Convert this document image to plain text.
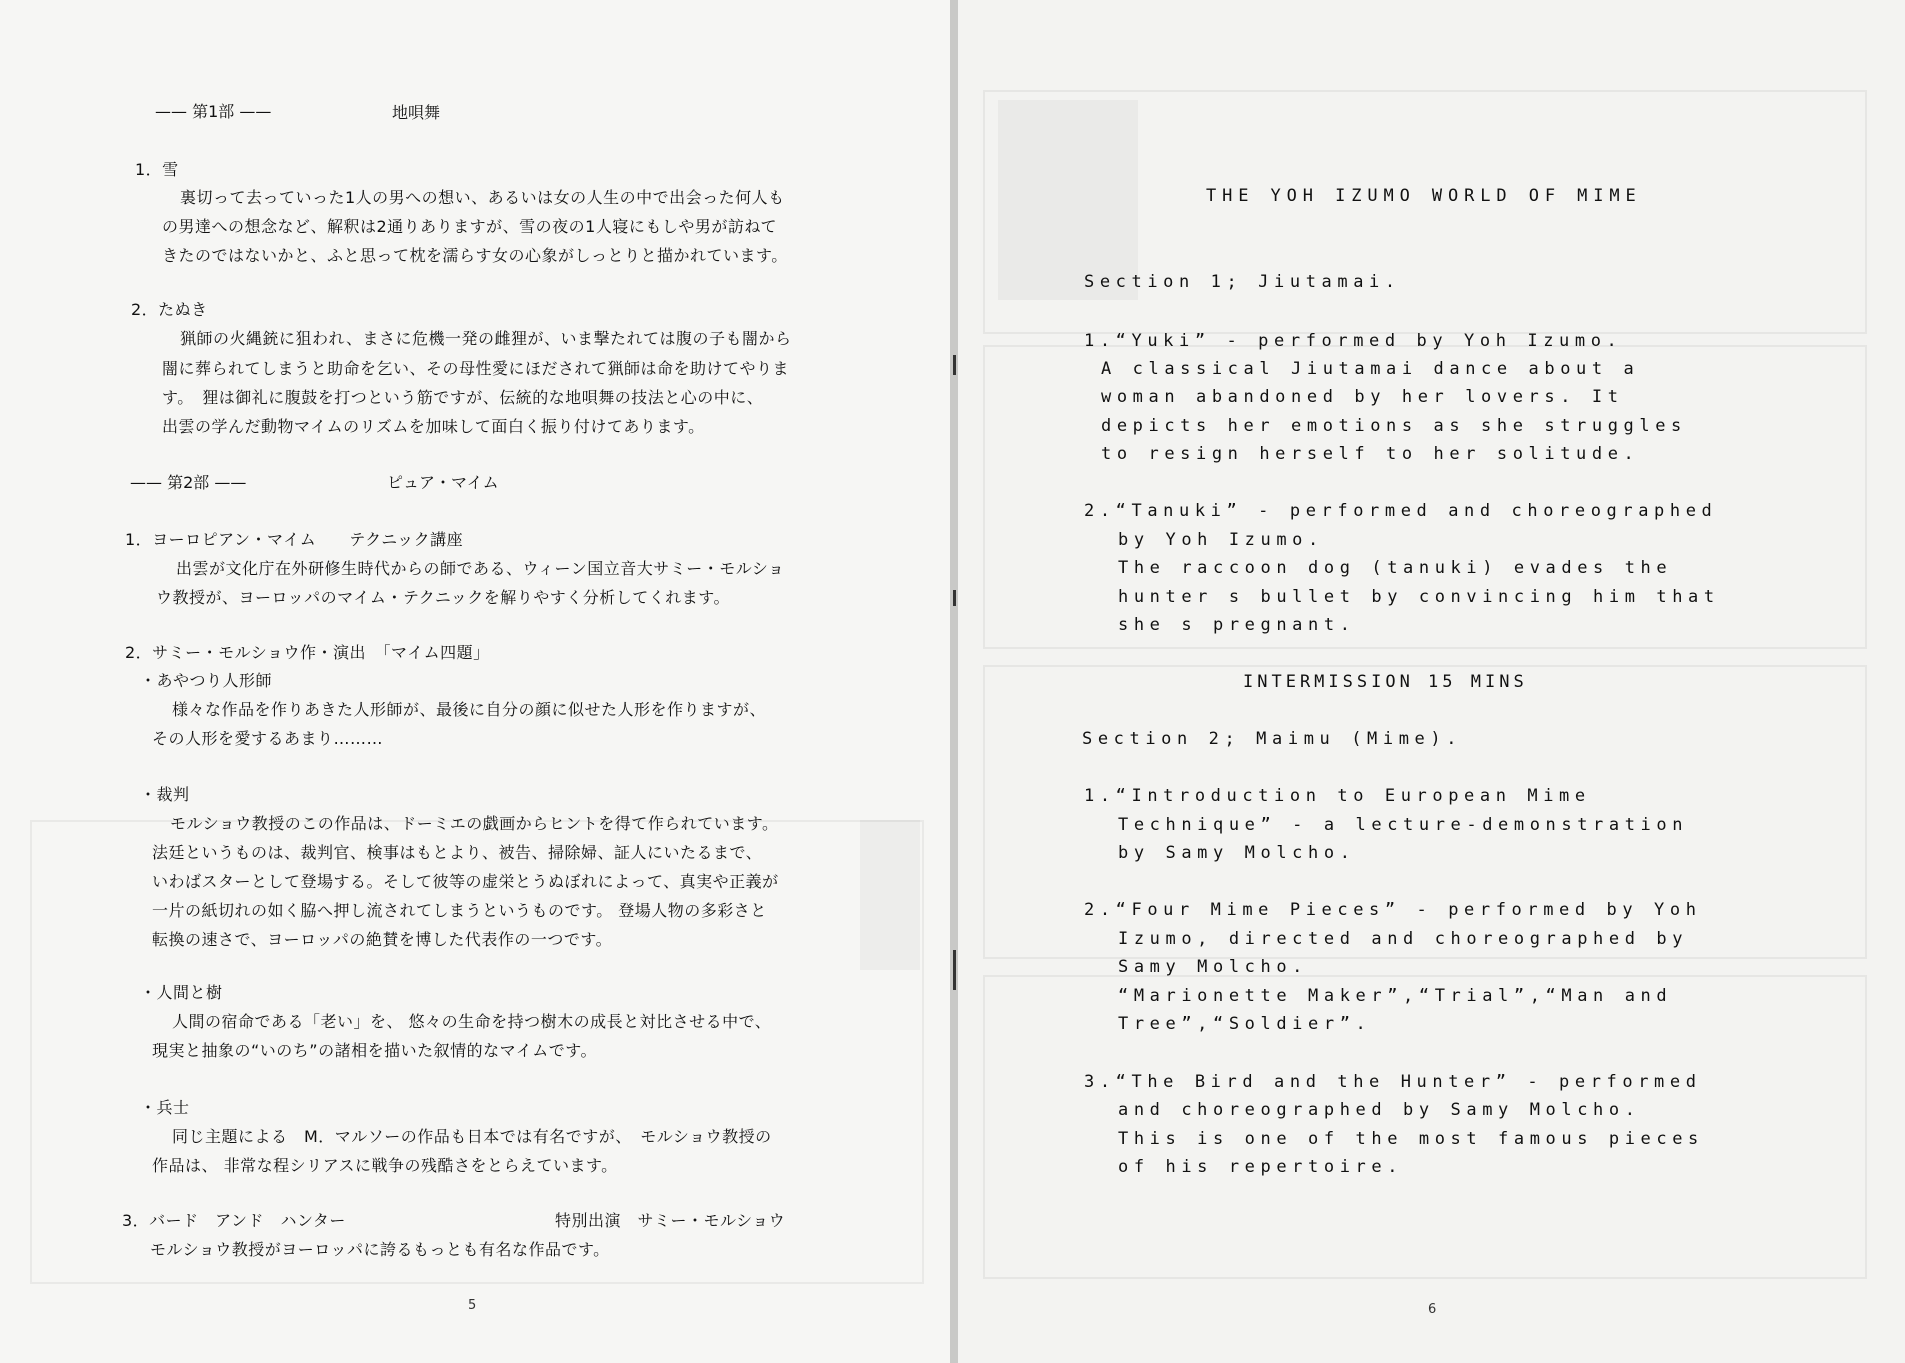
—— 第1部 ——	地唄舞
1．雪
裏切って去っていった1人の男への想い、あるいは女の人生の中で出会った何人も
の男達への想念など、解釈は2通りありますが、雪の夜の1人寝にもしや男が訪ねて
きたのではないかと、ふと思って枕を濡らす女の心象がしっとりと描かれています。
2．たぬき
猟師の火縄銃に狙われ、まさに危機一発の雌狸が、いま撃たれては腹の子も闇から
闇に葬られてしまうと助命を乞い、その母性愛にほだされて猟師は命を助けてやりま
す。　狸は御礼に腹鼓を打つという筋ですが、伝統的な地唄舞の技法と心の中に、
出雲の学んだ動物マイムのリズムを加味して面白く振り付けてあります。
—— 第2部 ——	ピュア・マイム
1．ヨーロピアン・マイム　　テクニック講座
出雲が文化庁在外研修生時代からの師である、ウィーン国立音大サミー・モルショ
ウ教授が、ヨーロッパのマイム・テクニックを解りやすく分析してくれます。
2．サミー・モルショウ作・演出　「マイム四題」
・あやつり人形師
様々な作品を作りあきた人形師が、最後に自分の顔に似せた人形を作りますが、
その人形を愛するあまり………
・裁判
モルショウ教授のこの作品は、ドーミエの戯画からヒントを得て作られています。
法廷というものは、裁判官、検事はもとより、被告、掃除婦、証人にいたるまで、
いわばスターとして登場する。そして彼等の虚栄とうぬぼれによって、真実や正義が
一片の紙切れの如く脇へ押し流されてしまうというものです。 登場人物の多彩さと
転換の速さで、ヨーロッパの絶賛を博した代表作の一つです。
・人間と樹
人間の宿命である「老い」を、 悠々の生命を持つ樹木の成長と対比させる中で、
現実と抽象の“いのち”の諸相を描いた叙情的なマイムです。
・兵士
同じ主題による　M．マルソーの作品も日本では有名ですが、　モルショウ教授の
作品は、 非常な程シリアスに戦争の残酷さをとらえています。
3．バード　アンド　ハンター	特別出演　サミー・モルショウ
モルショウ教授がヨーロッパに誇るもっとも有名な作品です。
5
THE YOH IZUMO WORLD OF MIME
Section 1; Jiutamai.
1.“Yuki” - performed by Yoh Izumo.
A classical Jiutamai dance about a
woman abandoned by her lovers. It
depicts her emotions as she struggles
to resign herself to her solitude.
2.“Tanuki” - performed and choreographed
by Yoh Izumo.
The raccoon dog (tanuki) evades the
hunter s bullet by convincing him that
she s pregnant.
INTERMISSION 15 MINS
Section 2; Maimu (Mime).
1.“Introduction to European Mime
Technique” - a lecture-demonstration
by Samy Molcho.
2.“Four Mime Pieces” - performed by Yoh
Izumo, directed and choreographed by
Samy Molcho.
“Marionette Maker”,“Trial”,“Man and
Tree”,“Soldier”.
3.“The Bird and the Hunter” - performed
and choreographed by Samy Molcho.
This is one of the most famous pieces
of his repertoire.
6
